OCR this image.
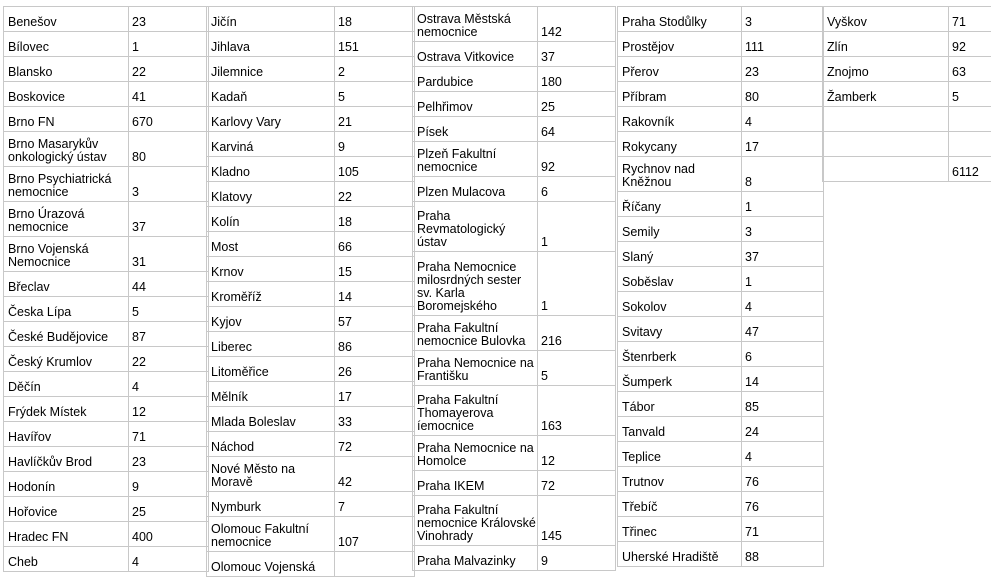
Benešov	23
Bílovec	1
Blansko	22
Boskovice	41
Brno FN	670
Brno Masarykův onkologický ústav	80
Brno Psychiatrická nemocnice	3
Brno Úrazová nemocnice	37
Brno Vojenská Nemocnice	31
Břeclav	44
Česka Lípa	5
České Budějovice	87
Český Krumlov	22
Děčín	4
Frýdek Místek	12
Havířov	71
Havlíčkův Brod	23
Hodonín	9
Hořovice	25
Hradec FN	400
Cheb	4
Jičín	18
Jihlava	151
Jilemnice	2
Kadaň	5
Karlovy Vary	21
Karviná	9
Kladno	105
Klatovy	22
Kolín	18
Most	66
Krnov	15
Kroměříž	14
Kyjov	57
Liberec	86
Litoměřice	26
Mělník	17
Mlada Boleslav	33
Náchod	72
Nové Město na Moravě	42
Nymburk	7
Olomouc Fakultní nemocnice	107
Olomouc Vojenská	
Ostrava Městská nemocnice	142
Ostrava Vitkovice	37
Pardubice	180
Pelhřimov	25
Písek	64
Plzeň Fakultní nemocnice	92
Plzen Mulacova	6
Praha Revmatologický ústav	1
Praha Nemocnice milosrdných sester sv. Karla Boromejského	1
Praha Fakultní nemocnice Bulovka	216
Praha Nemocnice na Františku	5
Praha Fakultní Thomayerova íemocnice	163
Praha Nemocnice na Homolce	12
Praha IKEM	72
Praha Fakultní nemocnice Královské Vinohrady	145
Praha Malvazinky	9
Praha Stodůlky	3
Prostějov	111
Přerov	23
Příbram	80
Rakovník	4
Rokycany	17
Rychnov nad Kněžnou	8
Říčany	1
Semily	3
Slaný	37
Soběslav	1
Sokolov	4
Svitavy	47
Štenrberk	6
Šumperk	14
Tábor	85
Tanvald	24
Teplice	4
Trutnov	76
Třebíč	76
Třinec	71
Uherské Hradiště	88
Vyškov	71
Zlín	92
Znojmo	63
Žamberk	5

	6112
